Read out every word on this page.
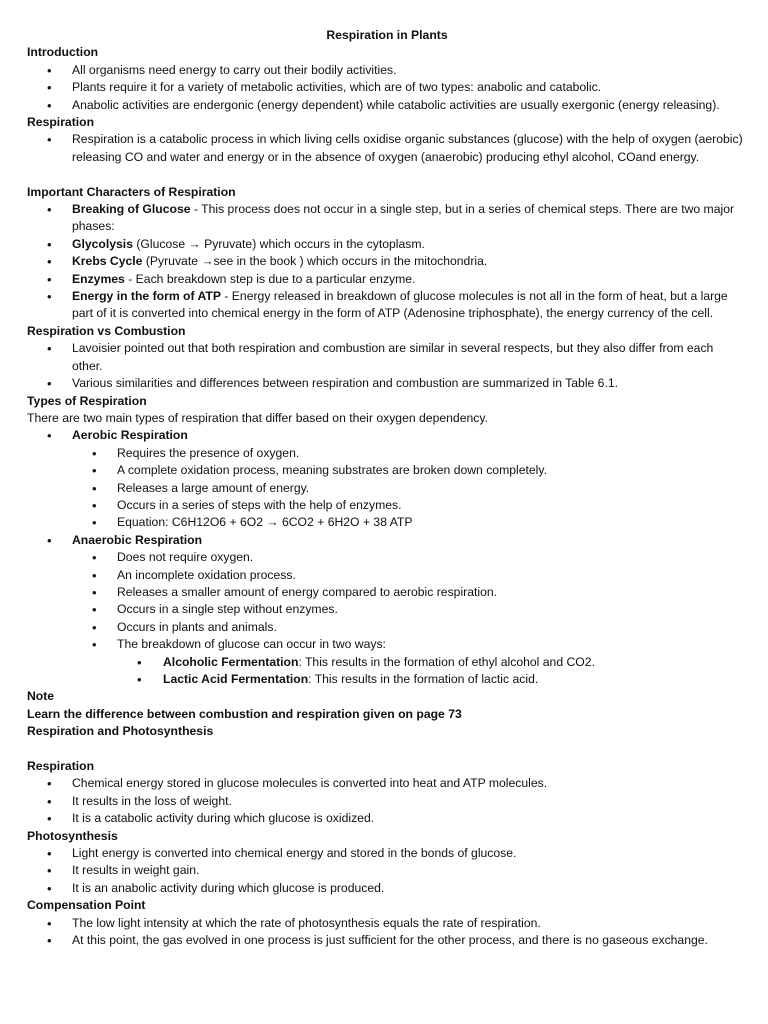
Respiration in Plants

Introduction

• All organisms need energy to carry out their bodily activities.
• Plants require it for a variety of metabolic activities, which are of two types: anabolic and catabolic.
• Anabolic activities are endergonic (energy dependent) while catabolic activities are usually exergonic (energy releasing).

Respiration

• Respiration is a catabolic process in which living cells oxidise organic substances (glucose) with the help of oxygen (aerobic) releasing CO and water and energy or in the absence of oxygen (anaerobic) producing ethyl alcohol, COand energy.

Important Characters of Respiration

• Breaking of Glucose - This process does not occur in a single step, but in a series of chemical steps. There are two major phases:
• Glycolysis (Glucose → Pyruvate) which occurs in the cytoplasm.
• Krebs Cycle (Pyruvate →see in the book ) which occurs in the mitochondria.
• Enzymes - Each breakdown step is due to a particular enzyme.
• Energy in the form of ATP - Energy released in breakdown of glucose molecules is not all in the form of heat, but a large part of it is converted into chemical energy in the form of ATP (Adenosine triphosphate), the energy currency of the cell.

Respiration vs Combustion

• Lavoisier pointed out that both respiration and combustion are similar in several respects, but they also differ from each other.
• Various similarities and differences between respiration and combustion are summarized in Table 6.1.

Types of Respiration

There are two main types of respiration that differ based on their oxygen dependency.

• Aerobic Respiration
• Requires the presence of oxygen.
• A complete oxidation process, meaning substrates are broken down completely.
• Releases a large amount of energy.
• Occurs in a series of steps with the help of enzymes.
• Equation: C6H12O6 + 6O2 → 6CO2 + 6H2O + 38 ATP
• Anaerobic Respiration
• Does not require oxygen.
• An incomplete oxidation process.
• Releases a smaller amount of energy compared to aerobic respiration.
• Occurs in a single step without enzymes.
• Occurs in plants and animals.
• The breakdown of glucose can occur in two ways:
• Alcoholic Fermentation: This results in the formation of ethyl alcohol and CO2.
• Lactic Acid Fermentation: This results in the formation of lactic acid.

Note

Learn the difference between combustion and respiration given on page 73

Respiration and Photosynthesis

Respiration

• Chemical energy stored in glucose molecules is converted into heat and ATP molecules.
• It results in the loss of weight.
• It is a catabolic activity during which glucose is oxidized.

Photosynthesis

• Light energy is converted into chemical energy and stored in the bonds of glucose.
• It results in weight gain.
• It is an anabolic activity during which glucose is produced.

Compensation Point

• The low light intensity at which the rate of photosynthesis equals the rate of respiration.
• At this point, the gas evolved in one process is just sufficient for the other process, and there is no gaseous exchange.
